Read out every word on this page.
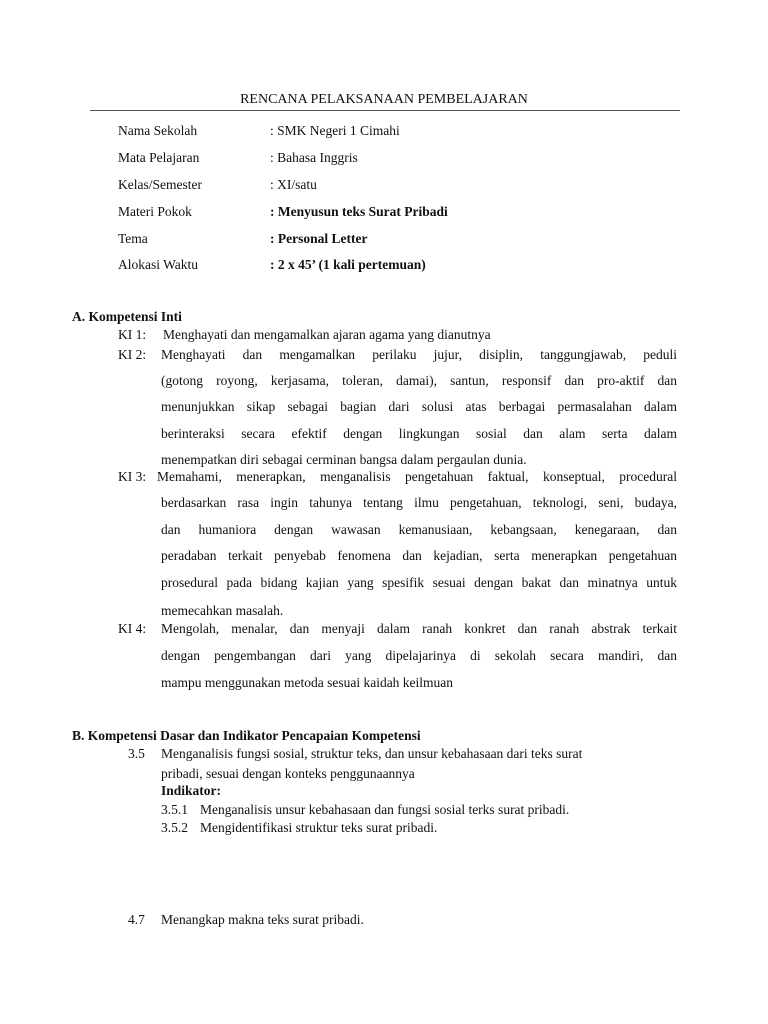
RENCANA PELAKSANAAN PEMBELAJARAN
Nama Sekolah	: SMK Negeri 1 Cimahi
Mata Pelajaran	: Bahasa Inggris
Kelas/Semester	: XI/satu
Materi Pokok	: Menyusun teks Surat Pribadi
Tema	: Personal Letter
Alokasi Waktu	: 2 x 45’ (1 kali pertemuan)
A. Kompetensi Inti
KI 1: Menghayati dan mengamalkan ajaran agama yang dianutnya
KI 2: Menghayati dan mengamalkan perilaku jujur, disiplin, tanggungjawab, peduli
(gotong royong, kerjasama, toleran, damai), santun, responsif dan pro-aktif dan
menunjukkan sikap sebagai bagian dari solusi atas berbagai permasalahan dalam
berinteraksi secara efektif dengan lingkungan sosial dan alam serta dalam
menempatkan diri sebagai cerminan bangsa dalam pergaulan dunia.
KI 3: Memahami, menerapkan, menganalisis pengetahuan faktual, konseptual, procedural
berdasarkan rasa ingin tahunya tentang ilmu pengetahuan, teknologi, seni, budaya,
dan humaniora dengan wawasan kemanusiaan, kebangsaan, kenegaraan, dan
peradaban terkait penyebab fenomena dan kejadian, serta menerapkan pengetahuan
prosedural pada bidang kajian yang spesifik sesuai dengan bakat dan minatnya untuk
memecahkan masalah.
KI 4: Mengolah, menalar, dan menyaji dalam ranah konkret dan ranah abstrak terkait
dengan pengembangan dari yang dipelajarinya di sekolah secara mandiri, dan
mampu menggunakan metoda sesuai kaidah keilmuan
B. Kompetensi Dasar dan Indikator Pencapaian Kompetensi
3.5 Menganalisis fungsi sosial, struktur teks, dan unsur kebahasaan dari teks surat
pribadi, sesuai dengan konteks penggunaannya
Indikator:
3.5.1 Menganalisis unsur kebahasaan dan fungsi sosial terks surat pribadi.
3.5.2 Mengidentifikasi struktur teks surat pribadi.
4.7 Menangkap makna teks surat pribadi.
